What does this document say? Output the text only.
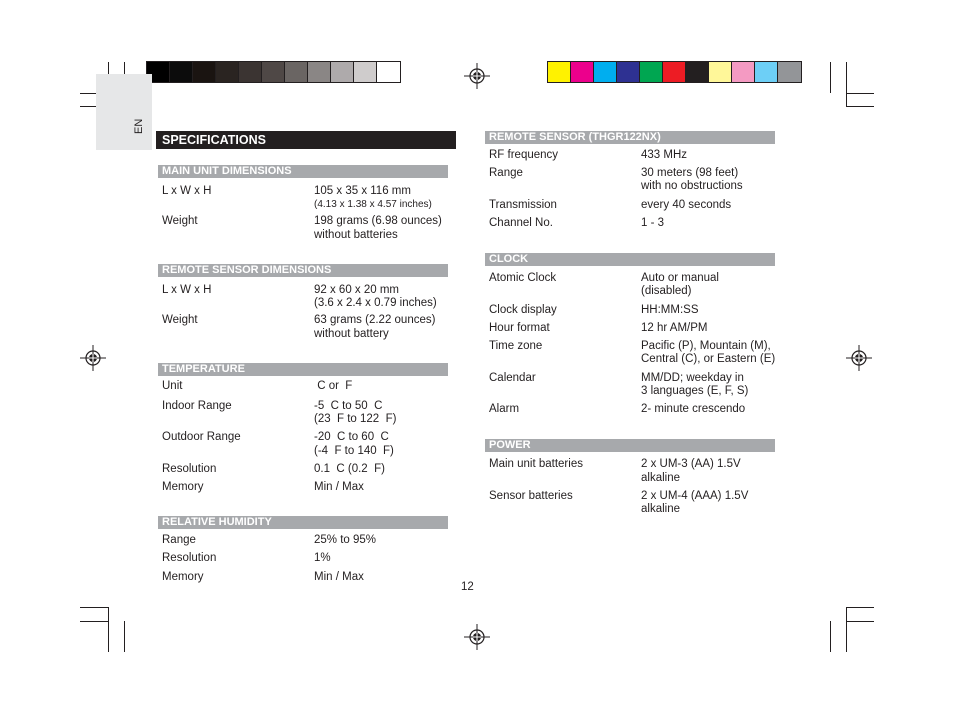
EN
SPECIFICATIONS
MAIN UNIT DIMENSIONS
L x W x H	105 x 35 x 116 mm
(4.13 x 1.38 x 4.57 inches)
Weight	198 grams (6.98 ounces)
without batteries
REMOTE SENSOR DIMENSIONS
L x W x H	92 x 60 x 20 mm
(3.6 x 2.4 x 0.79 inches)
Weight	63 grams (2.22 ounces)
without battery
TEMPERATURE
Unit	C or  F
Indoor Range	-5  C to 50  C
(23  F to 122  F)
Outdoor Range	-20  C to 60  C
(-4  F to 140  F)
Resolution	0.1  C (0.2  F)
Memory	Min / Max
RELATIVE HUMIDITY
Range	25% to 95%
Resolution	1%
Memory	Min / Max
REMOTE SENSOR (THGR122NX)
RF frequency	433 MHz
Range	30 meters (98 feet)
with no obstructions
Transmission	every 40 seconds
Channel No.	1 - 3
CLOCK
Atomic Clock	Auto or manual
(disabled)
Clock display	HH:MM:SS
Hour format	12 hr AM/PM
Time zone	Pacific (P), Mountain (M),
Central (C), or Eastern (E)
Calendar	MM/DD; weekday in
3 languages (E, F, S)
Alarm	2- minute crescendo
POWER
Main unit batteries	2 x UM-3 (AA) 1.5V
alkaline
Sensor batteries	2 x UM-4 (AAA) 1.5V
alkaline
12
